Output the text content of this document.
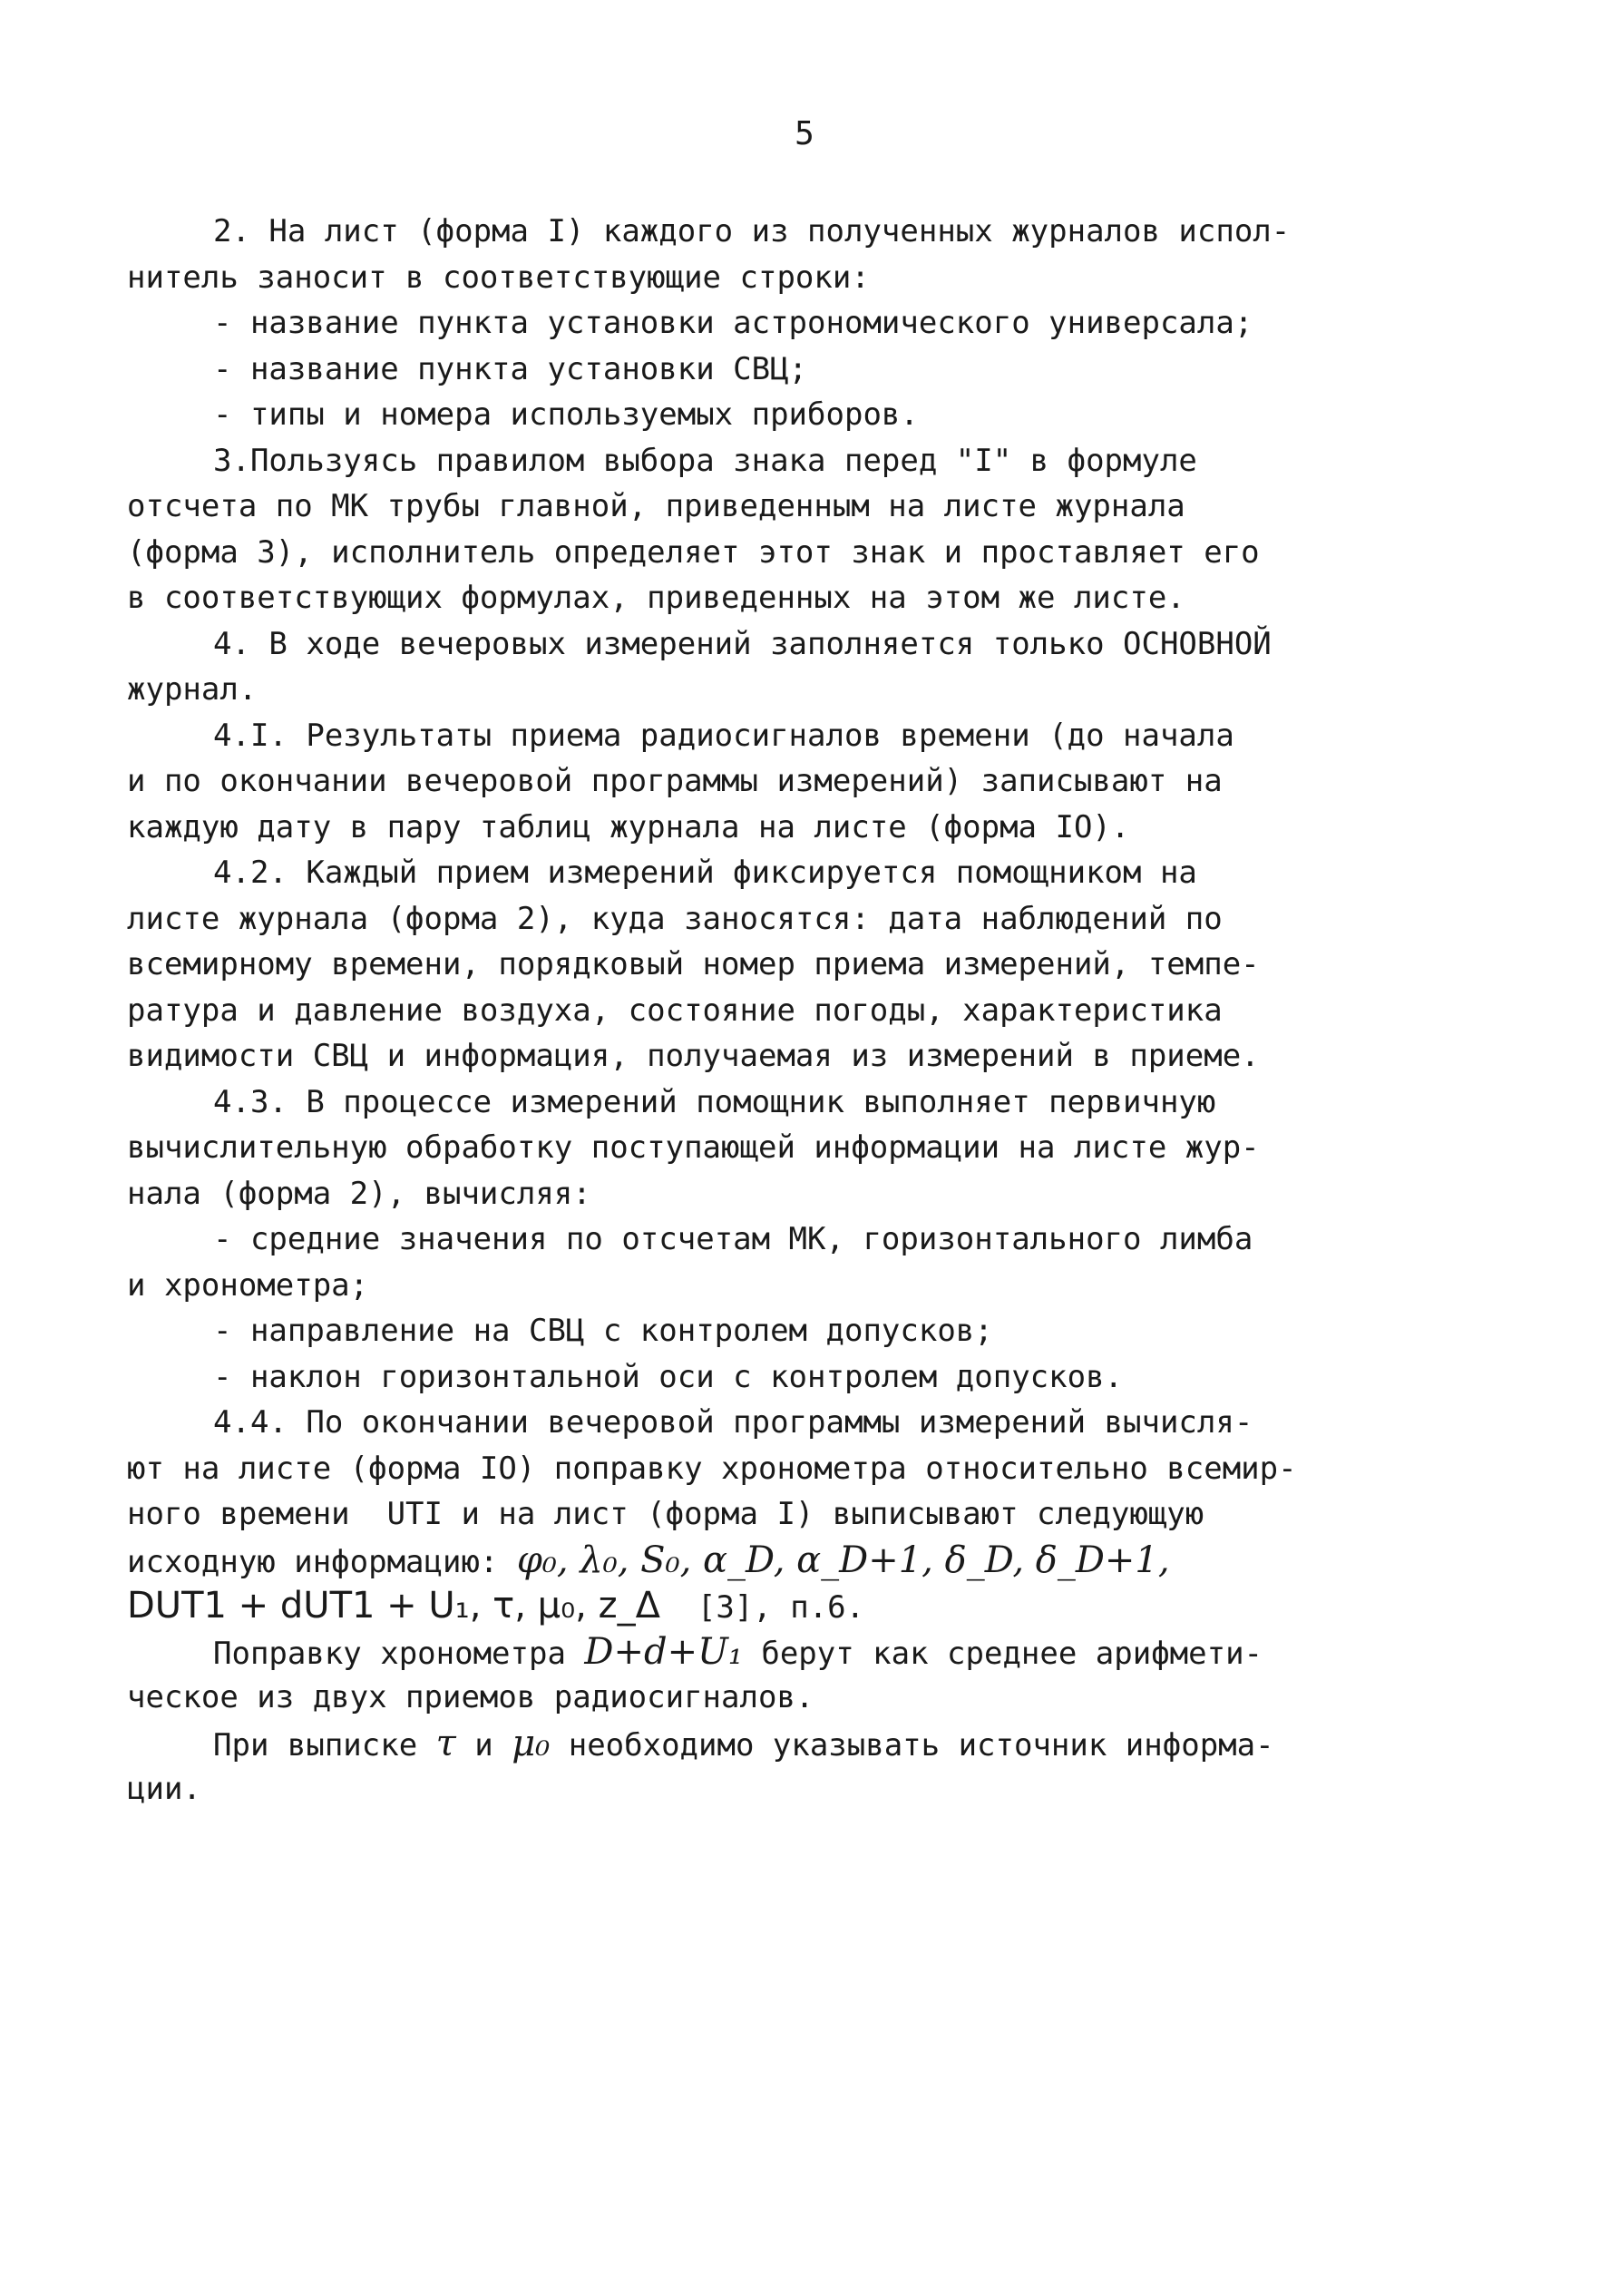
5
2. На лист (форма I) каждого из полученных журналов испол-
нитель заносит в соответствующие строки:
- название пункта установки астрономического универсала;
- название пункта установки СВЦ;
- типы и номера используемых приборов.
3.Пользуясь правилом выбора знака перед "I" в формуле
отсчета по МК трубы главной, приведенным на листе журнала
(форма 3), исполнитель определяет этот знак и проставляет его
в соответствующих формулах, приведенных на этом же листе.
4. В ходе вечеровых измерений заполняется только ОСНОВНОЙ
журнал.
4.I. Результаты приема радиосигналов времени (до начала
и по окончании вечеровой программы измерений) записывают на
каждую дату в пару таблиц журнала на листе (форма IO).
4.2. Каждый прием измерений фиксируется помощником на
листе журнала (форма 2), куда заносятся: дата наблюдений по
всемирному времени, порядковый номер приема измерений, темпе-
ратура и давление воздуха, состояние погоды, характеристика
видимости СВЦ и информация, получаемая из измерений в приеме.
4.3. В процессе измерений помощник выполняет первичную
вычислительную обработку поступающей информации на листе жур-
нала (форма 2), вычисляя:
- средние значения по отсчетам МК, горизонтального лимба
и хронометра;
- направление на СВЦ с контролем допусков;
- наклон горизонтальной оси с контролем допусков.
4.4. По окончании вечеровой программы измерений вычисля-
ют на листе (форма IO) поправку хронометра относительно всемир-
ного времени  UTI и на лист (форма I) выписывают следующую
исходную информацию: φ₀, λ₀, S₀, α_D, α_D+1, δ_D, δ_D+1,
DUT1 + dUT1 + U₁, τ, μ₀, z_Δ [3], п.6.
Поправку хронометра D+d+U₁ берут как среднее арифмети-
ческое из двух приемов радиосигналов.
При выписке τ и μ₀ необходимо указывать источник информа-
ции.
